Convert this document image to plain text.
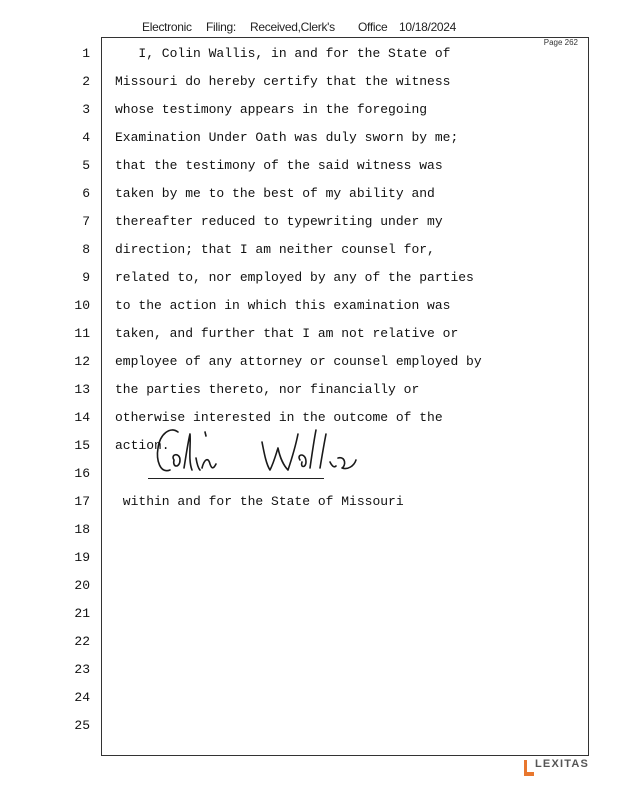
Electronic Filing: Received,Clerk's Office 10/18/2024
Page 262
1 I, Colin Wallis, in and for the State of
2 Missouri do hereby certify that the witness
3 whose testimony appears in the foregoing
4 Examination Under Oath was duly sworn by me;
5 that the testimony of the said witness was
6 taken by me to the best of my ability and
7 thereafter reduced to typewriting under my
8 direction; that I am neither counsel for,
9 related to, nor employed by any of the parties
10 to the action in which this examination was
11 taken, and further that I am not relative or
12 employee of any attorney or counsel employed by
13 the parties thereto, nor financially or
14 otherwise interested in the outcome of the
15 action.
16
17 within and for the State of Missouri
18
19
20
21
22
23
24
25
LEXITAS
